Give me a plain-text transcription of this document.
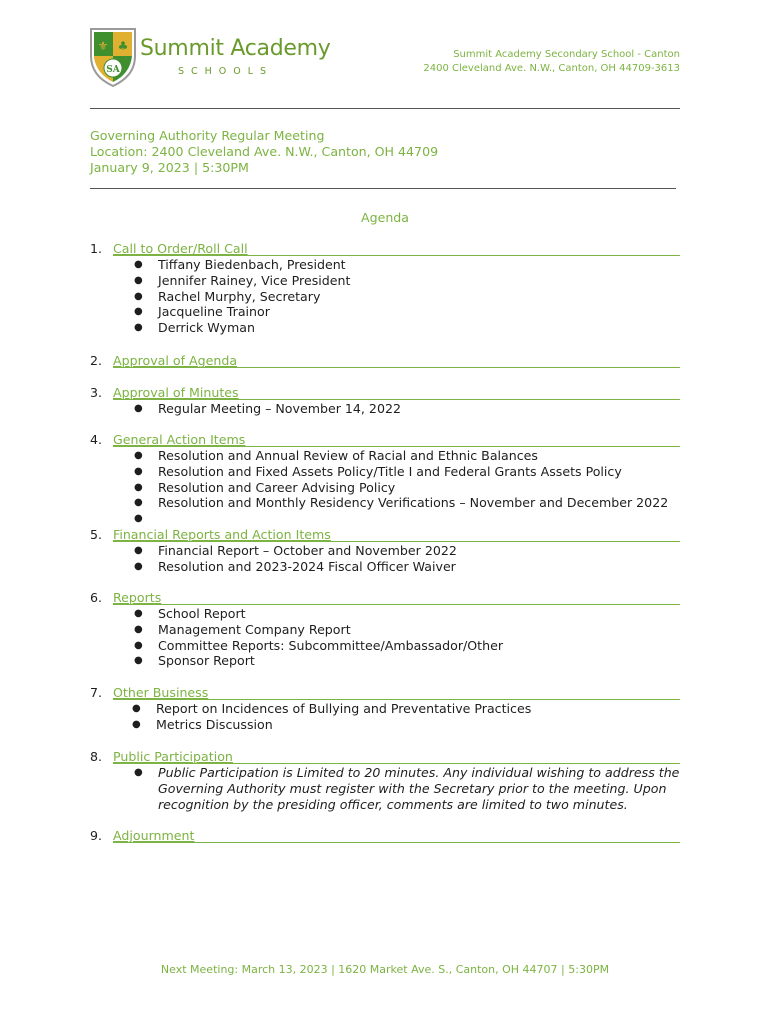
⚜ ♣
SA
Summit Academy
SCHOOLS
Summit Academy Secondary School - Canton
2400 Cleveland Ave. N.W., Canton, OH 44709-3613
Governing Authority Regular Meeting
Location: 2400 Cleveland Ave. N.W., Canton, OH 44709
January 9, 2023 | 5:30PM
Agenda
1. Call to Order/Roll Call
● Tiffany Biedenbach, President
● Jennifer Rainey, Vice President
● Rachel Murphy, Secretary
● Jacqueline Trainor
● Derrick Wyman
2. Approval of Agenda
3. Approval of Minutes
● Regular Meeting – November 14, 2022
4. General Action Items
● Resolution and Annual Review of Racial and Ethnic Balances
● Resolution and Fixed Assets Policy/Title I and Federal Grants Assets Policy
● Resolution and Career Advising Policy
● Resolution and Monthly Residency Verifications – November and December 2022
●
5. Financial Reports and Action Items
● Financial Report – October and November 2022
● Resolution and 2023-2024 Fiscal Officer Waiver
6. Reports
● School Report
● Management Company Report
● Committee Reports: Subcommittee/Ambassador/Other
● Sponsor Report
7. Other Business
● Report on Incidences of Bullying and Preventative Practices
● Metrics Discussion
8. Public Participation
● Public Participation is Limited to 20 minutes. Any individual wishing to address the
Governing Authority must register with the Secretary prior to the meeting. Upon
recognition by the presiding officer, comments are limited to two minutes.
9. Adjournment
Next Meeting: March 13, 2023 | 1620 Market Ave. S., Canton, OH 44707 | 5:30PM
